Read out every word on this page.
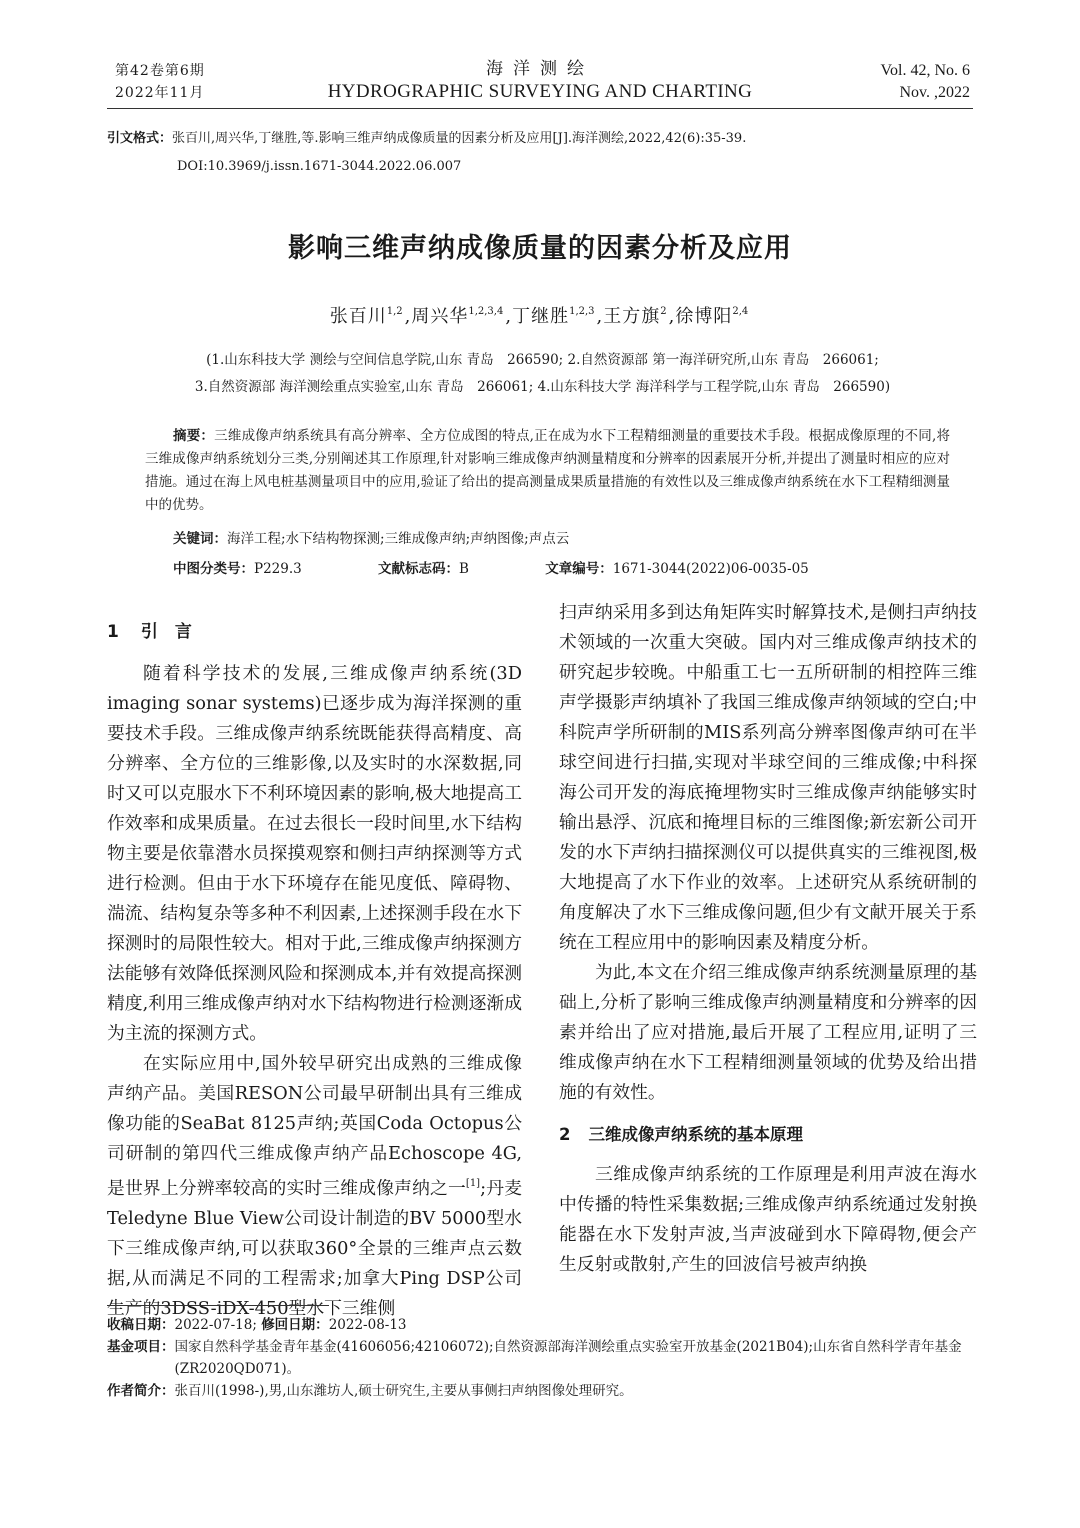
第42卷第6期
2022年11月
海洋测绘
HYDROGRAPHIC SURVEYING AND CHARTING
Vol. 42, No. 6
Nov. ,2022
引文格式：张百川,周兴华,丁继胜,等.影响三维声纳成像质量的因素分析及应用[J].海洋测绘,2022,42(6):35-39.
DOI:10.3969/j.issn.1671-3044.2022.06.007
影响三维声纳成像质量的因素分析及应用
张百川$^{1,2}$ ,周兴华$^{1,2,3,4}$ ,丁继胜$^{1,2,3}$ ,王方旗$^2$ ,徐博阳$^{2,4}$
(1.山东科技大学 测绘与空间信息学院,山东 青岛　266590; 2.自然资源部 第一海洋研究所,山东 青岛　266061;
3.自然资源部 海洋测绘重点实验室,山东 青岛　266061; 4.山东科技大学 海洋科学与工程学院,山东 青岛　266590)
摘要：三维成像声纳系统具有高分辨率、全方位成图的特点,正在成为水下工程精细测量的重要技术手段。根据成像原理的不同,将三维成像声纳系统划分三类,分别阐述其工作原理,针对影响三维成像声纳测量精度和分辨率的因素展开分析,并提出了测量时相应的应对措施。通过在海上风电桩基测量项目中的应用,验证了给出的提高测量成果质量措施的有效性以及三维成像声纳系统在水下工程精细测量中的优势。
关键词：海洋工程;水下结构物探测;三维成像声纳;声纳图像;声点云
中图分类号：P229.3	文献标志码：B	文章编号：1671-3044(2022)06-0035-05
1 引　言

随着科学技术的发展,三维成像声纳系统(3D imaging sonar systems)已逐步成为海洋探测的重要技术手段。三维成像声纳系统既能获得高精度、高分辨率、全方位的三维影像,以及实时的水深数据,同时又可以克服水下不利环境因素的影响,极大地提高工作效率和成果质量。在过去很长一段时间里,水下结构物主要是依靠潜水员探摸观察和侧扫声纳探测等方式进行检测。但由于水下环境存在能见度低、障碍物、湍流、结构复杂等多种不利因素,上述探测手段在水下探测时的局限性较大。相对于此,三维成像声纳探测方法能够有效降低探测风险和探测成本,并有效提高探测精度,利用三维成像声纳对水下结构物进行检测逐渐成为主流的探测方式。

在实际应用中,国外较早研究出成熟的三维成像声纳产品。美国RESON公司最早研制出具有三维成像功能的SeaBat 8125声纳;英国Coda Octopus公司研制的第四代三维成像声纳产品Echoscope 4G,是世界上分辨率较高的实时三维成像声纳之一[1];丹麦Teledyne Blue View公司设计制造的BV 5000型水下三维成像声纳,可以获取360°全景的三维声点云数据,从而满足不同的工程需求;加拿大Ping DSP公司生产的3DSS-iDX-450型水下三维侧

扫声纳采用多到达角矩阵实时解算技术,是侧扫声纳技术领域的一次重大突破。国内对三维成像声纳技术的研究起步较晚。中船重工七一五所研制的相控阵三维声学摄影声纳填补了我国三维成像声纳领域的空白;中科院声学所研制的MIS系列高分辨率图像声纳可在半球空间进行扫描,实现对半球空间的三维成像;中科探海公司开发的海底掩埋物实时三维成像声纳能够实时输出悬浮、沉底和掩埋目标的三维图像;新宏新公司开发的水下声纳扫描探测仪可以提供真实的三维视图,极大地提高了水下作业的效率。上述研究从系统研制的角度解决了水下三维成像问题,但少有文献开展关于系统在工程应用中的影响因素及精度分析。

为此,本文在介绍三维成像声纳系统测量原理的基础上,分析了影响三维成像声纳测量精度和分辨率的因素并给出了应对措施,最后开展了工程应用,证明了三维成像声纳在水下工程精细测量领域的优势及给出措施的有效性。

2 三维成像声纳系统的基本原理

三维成像声纳系统的工作原理是利用声波在海水中传播的特性采集数据;三维成像声纳系统通过发射换能器在水下发射声波,当声波碰到水下障碍物,便会产生反射或散射,产生的回波信号被声纳换

收稿日期：2022-07-18; 修回日期：2022-08-13
基金项目： 国家自然科学基金青年基金(41606056;42106072);自然资源部海洋测绘重点实验室开放基金(2021B04);山东省自然科学青年基金(ZR2020QD071)。
作者简介：张百川(1998-),男,山东潍坊人,硕士研究生,主要从事侧扫声纳图像处理研究。
